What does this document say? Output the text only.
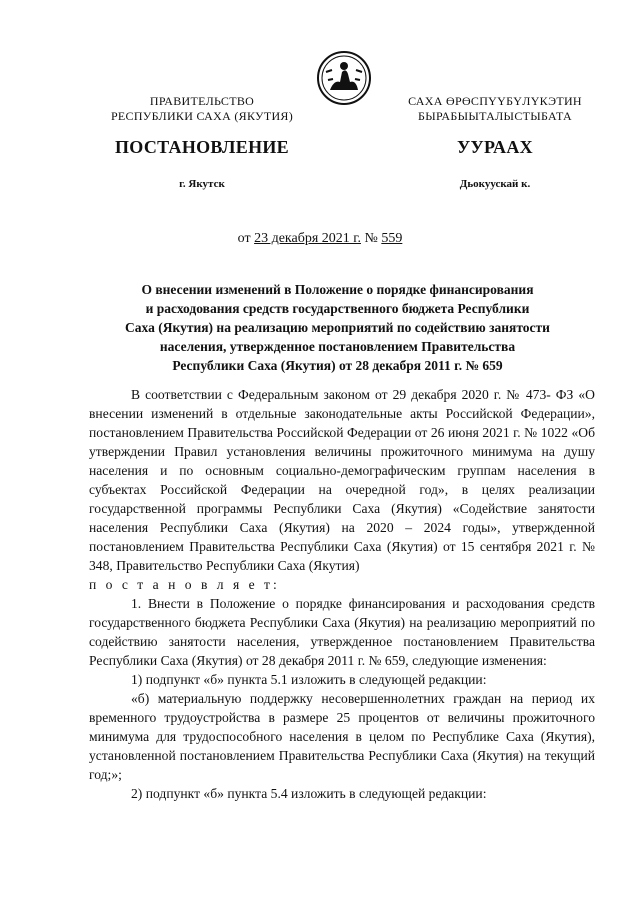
ПРАВИТЕЛЬСТВО
РЕСПУБЛИКИ САХА (ЯКУТИЯ)
САХА ӨРӨСПҮҮБҮЛҮКЭТИН
БЫРАБЫЫТАЛЫСТЫБАТА
ПОСТАНОВЛЕНИЕ	УУРААХ
г. Якутск	Дьокуускай к.
от 23 декабря 2021 г. № 559
О внесении изменений в Положение о порядке финансирования
и расходования средств государственного бюджета Республики
Саха (Якутия) на реализацию мероприятий по содействию занятости
населения, утвержденное постановлением Правительства
Республики Саха (Якутия) от 28 декабря 2011 г. № 659

В соответствии с Федеральным законом от 29 декабря 2020 г. № 473- ФЗ «О внесении изменений в отдельные законодательные акты Российской Федерации», постановлением Правительства Российской Федерации от 26 июня 2021 г. № 1022 «Об утверждении Правил установления величины прожиточного минимума на душу населения и по основным социально-демографическим группам населения в субъектах Российской Федерации на очередной год», в целях реализации государственной программы Республики Саха (Якутия) «Содействие занятости населения Республики Саха (Якутия) на 2020 – 2024 годы», утвержденной постановлением Правительства Республики Саха (Якутия) от 15 сентября 2021 г. № 348, Правительство Республики Саха (Якутия)

п о с т а н о в л я е т:

1. Внести в Положение о порядке финансирования и расходования средств государственного бюджета Республики Саха (Якутия) на реализацию мероприятий по содействию занятости населения, утвержденное постановлением Правительства Республики Саха (Якутия) от 28 декабря 2011 г. № 659, следующие изменения:

1) подпункт «б» пункта 5.1 изложить в следующей редакции:

«б) материальную поддержку несовершеннолетних граждан на период их временного трудоустройства в размере 25 процентов от величины прожиточного минимума для трудоспособного населения в целом по Республике Саха (Якутия), установленной постановлением Правительства Республики Саха (Якутия) на текущий год;»;

2) подпункт «б» пункта 5.4 изложить в следующей редакции:
